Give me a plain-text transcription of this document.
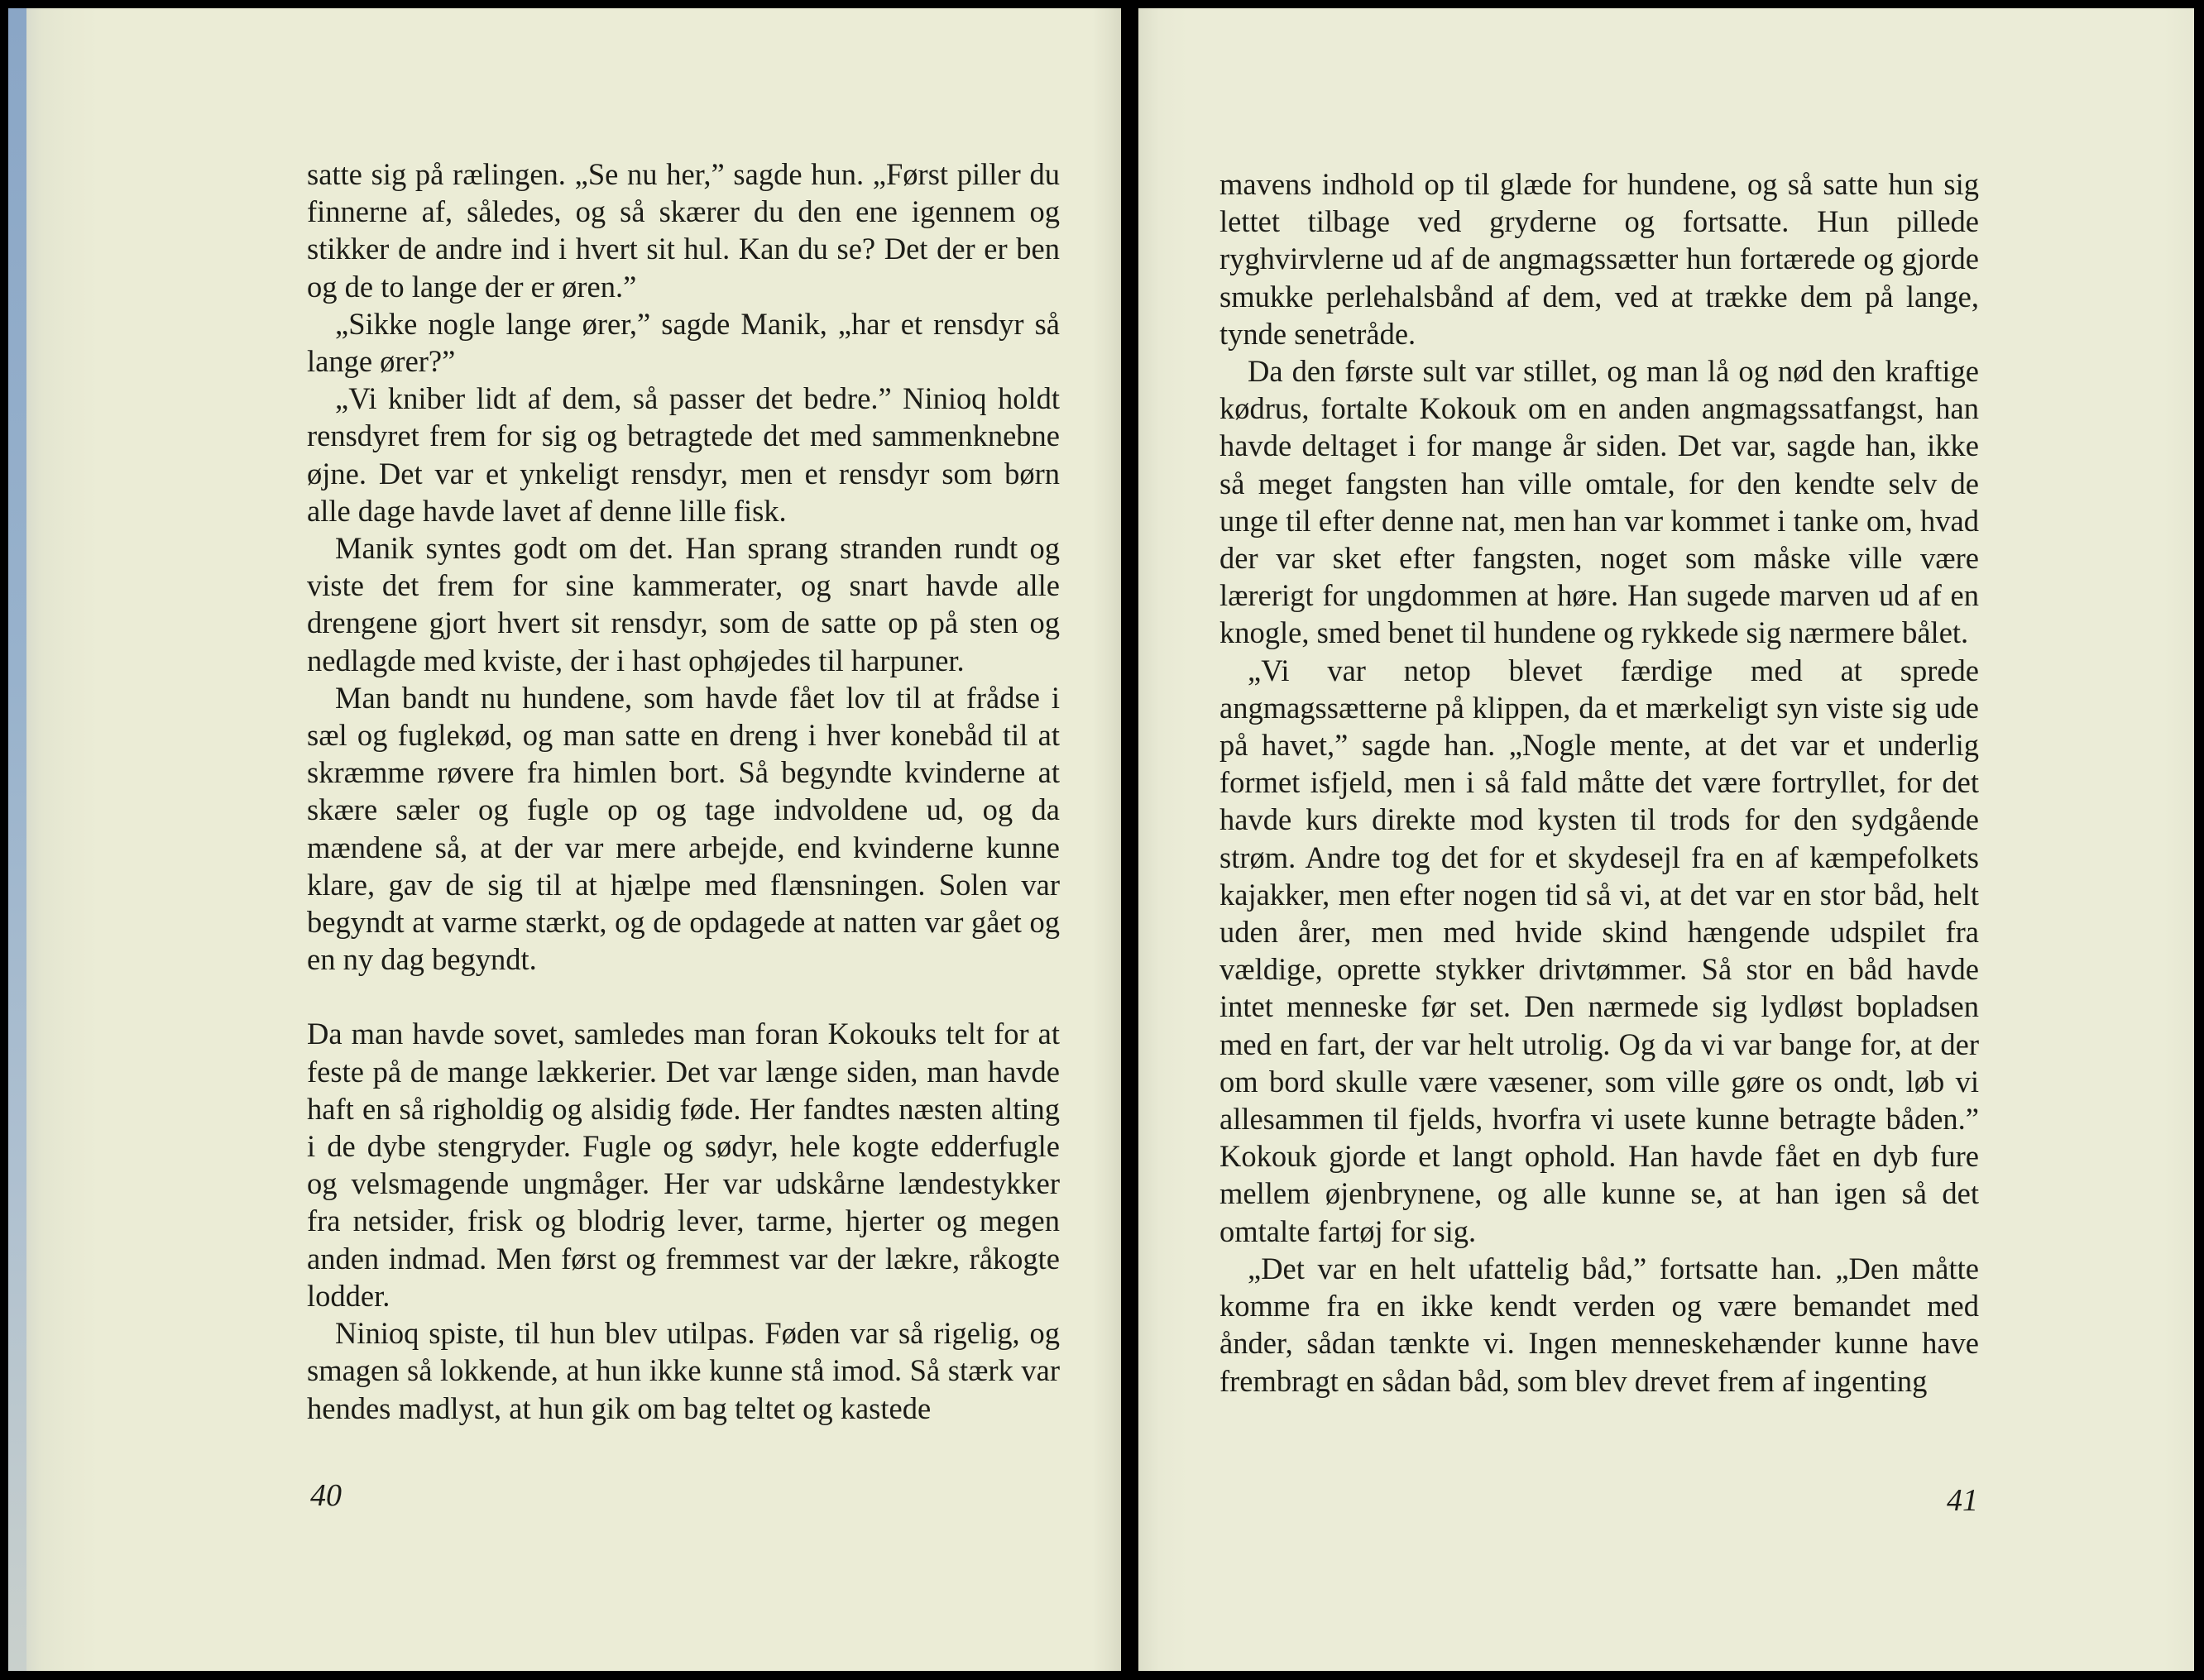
satte sig på rælingen. „Se nu her,” sagde hun. „Først piller du finnerne af, således, og så skærer du den ene igennem og stikker de andre ind i hvert sit hul. Kan du se? Det der er ben og de to lange der er øren.”

„Sikke nogle lange ører,” sagde Manik, „har et rensdyr så lange ører?”

„Vi kniber lidt af dem, så passer det bedre.” Ninioq holdt rensdyret frem for sig og betragtede det med sammenknebne øjne. Det var et ynkeligt rensdyr, men et rensdyr som børn alle dage havde lavet af denne lille fisk.

Manik syntes godt om det. Han sprang stranden rundt og viste det frem for sine kammerater, og snart havde alle drengene gjort hvert sit rensdyr, som de satte op på sten og nedlagde med kviste, der i hast ophøjedes til harpuner.

Man bandt nu hundene, som havde fået lov til at frådse i sæl og fuglekød, og man satte en dreng i hver konebåd til at skræmme røvere fra himlen bort. Så begyndte kvinderne at skære sæler og fugle op og tage indvoldene ud, og da mændene så, at der var mere arbejde, end kvinderne kunne klare, gav de sig til at hjælpe med flænsningen. Solen var begyndt at varme stærkt, og de opdagede at natten var gået og en ny dag begyndt.

Da man havde sovet, samledes man foran Kokouks telt for at feste på de mange lækkerier. Det var længe siden, man havde haft en så righoldig og alsidig føde. Her fandtes næsten alting i de dybe stengryder. Fugle og sødyr, hele kogte edderfugle og velsmagende ungmåger. Her var udskårne lændestykker fra netsider, frisk og blodrig lever, tarme, hjerter og megen anden indmad. Men først og fremmest var der lækre, råkogte lodder.

Ninioq spiste, til hun blev utilpas. Føden var så rigelig, og smagen så lokkende, at hun ikke kunne stå imod. Så stærk var hendes madlyst, at hun gik om bag teltet og kastede

40

mavens indhold op til glæde for hundene, og så satte hun sig lettet tilbage ved gryderne og fortsatte. Hun pillede ryghvirvlerne ud af de angmagssætter hun fortærede og gjorde smukke perlehalsbånd af dem, ved at trække dem på lange, tynde senetråde.

Da den første sult var stillet, og man lå og nød den kraftige kødrus, fortalte Kokouk om en anden angmagssatfangst, han havde deltaget i for mange år siden. Det var, sagde han, ikke så meget fangsten han ville omtale, for den kendte selv de unge til efter denne nat, men han var kommet i tanke om, hvad der var sket efter fangsten, noget som måske ville være lærerigt for ungdommen at høre. Han sugede marven ud af en knogle, smed benet til hundene og rykkede sig nærmere bålet.

„Vi var netop blevet færdige med at sprede angmagssætterne på klippen, da et mærkeligt syn viste sig ude på havet,” sagde han. „Nogle mente, at det var et underlig formet isfjeld, men i så fald måtte det være fortryllet, for det havde kurs direkte mod kysten til trods for den sydgående strøm. Andre tog det for et skydesejl fra en af kæmpefolkets kajakker, men efter nogen tid så vi, at det var en stor båd, helt uden årer, men med hvide skind hængende udspilet fra vældige, oprette stykker drivtømmer. Så stor en båd havde intet menneske før set. Den nærmede sig lydløst bopladsen med en fart, der var helt utrolig. Og da vi var bange for, at der om bord skulle være væsener, som ville gøre os ondt, løb vi allesammen til fjelds, hvorfra vi usete kunne betragte båden.” Kokouk gjorde et langt ophold. Han havde fået en dyb fure mellem øjenbrynene, og alle kunne se, at han igen så det omtalte fartøj for sig.

„Det var en helt ufattelig båd,” fortsatte han. „Den måtte komme fra en ikke kendt verden og være bemandet med ånder, sådan tænkte vi. Ingen menneskehænder kunne have frembragt en sådan båd, som blev drevet frem af ingenting

41
